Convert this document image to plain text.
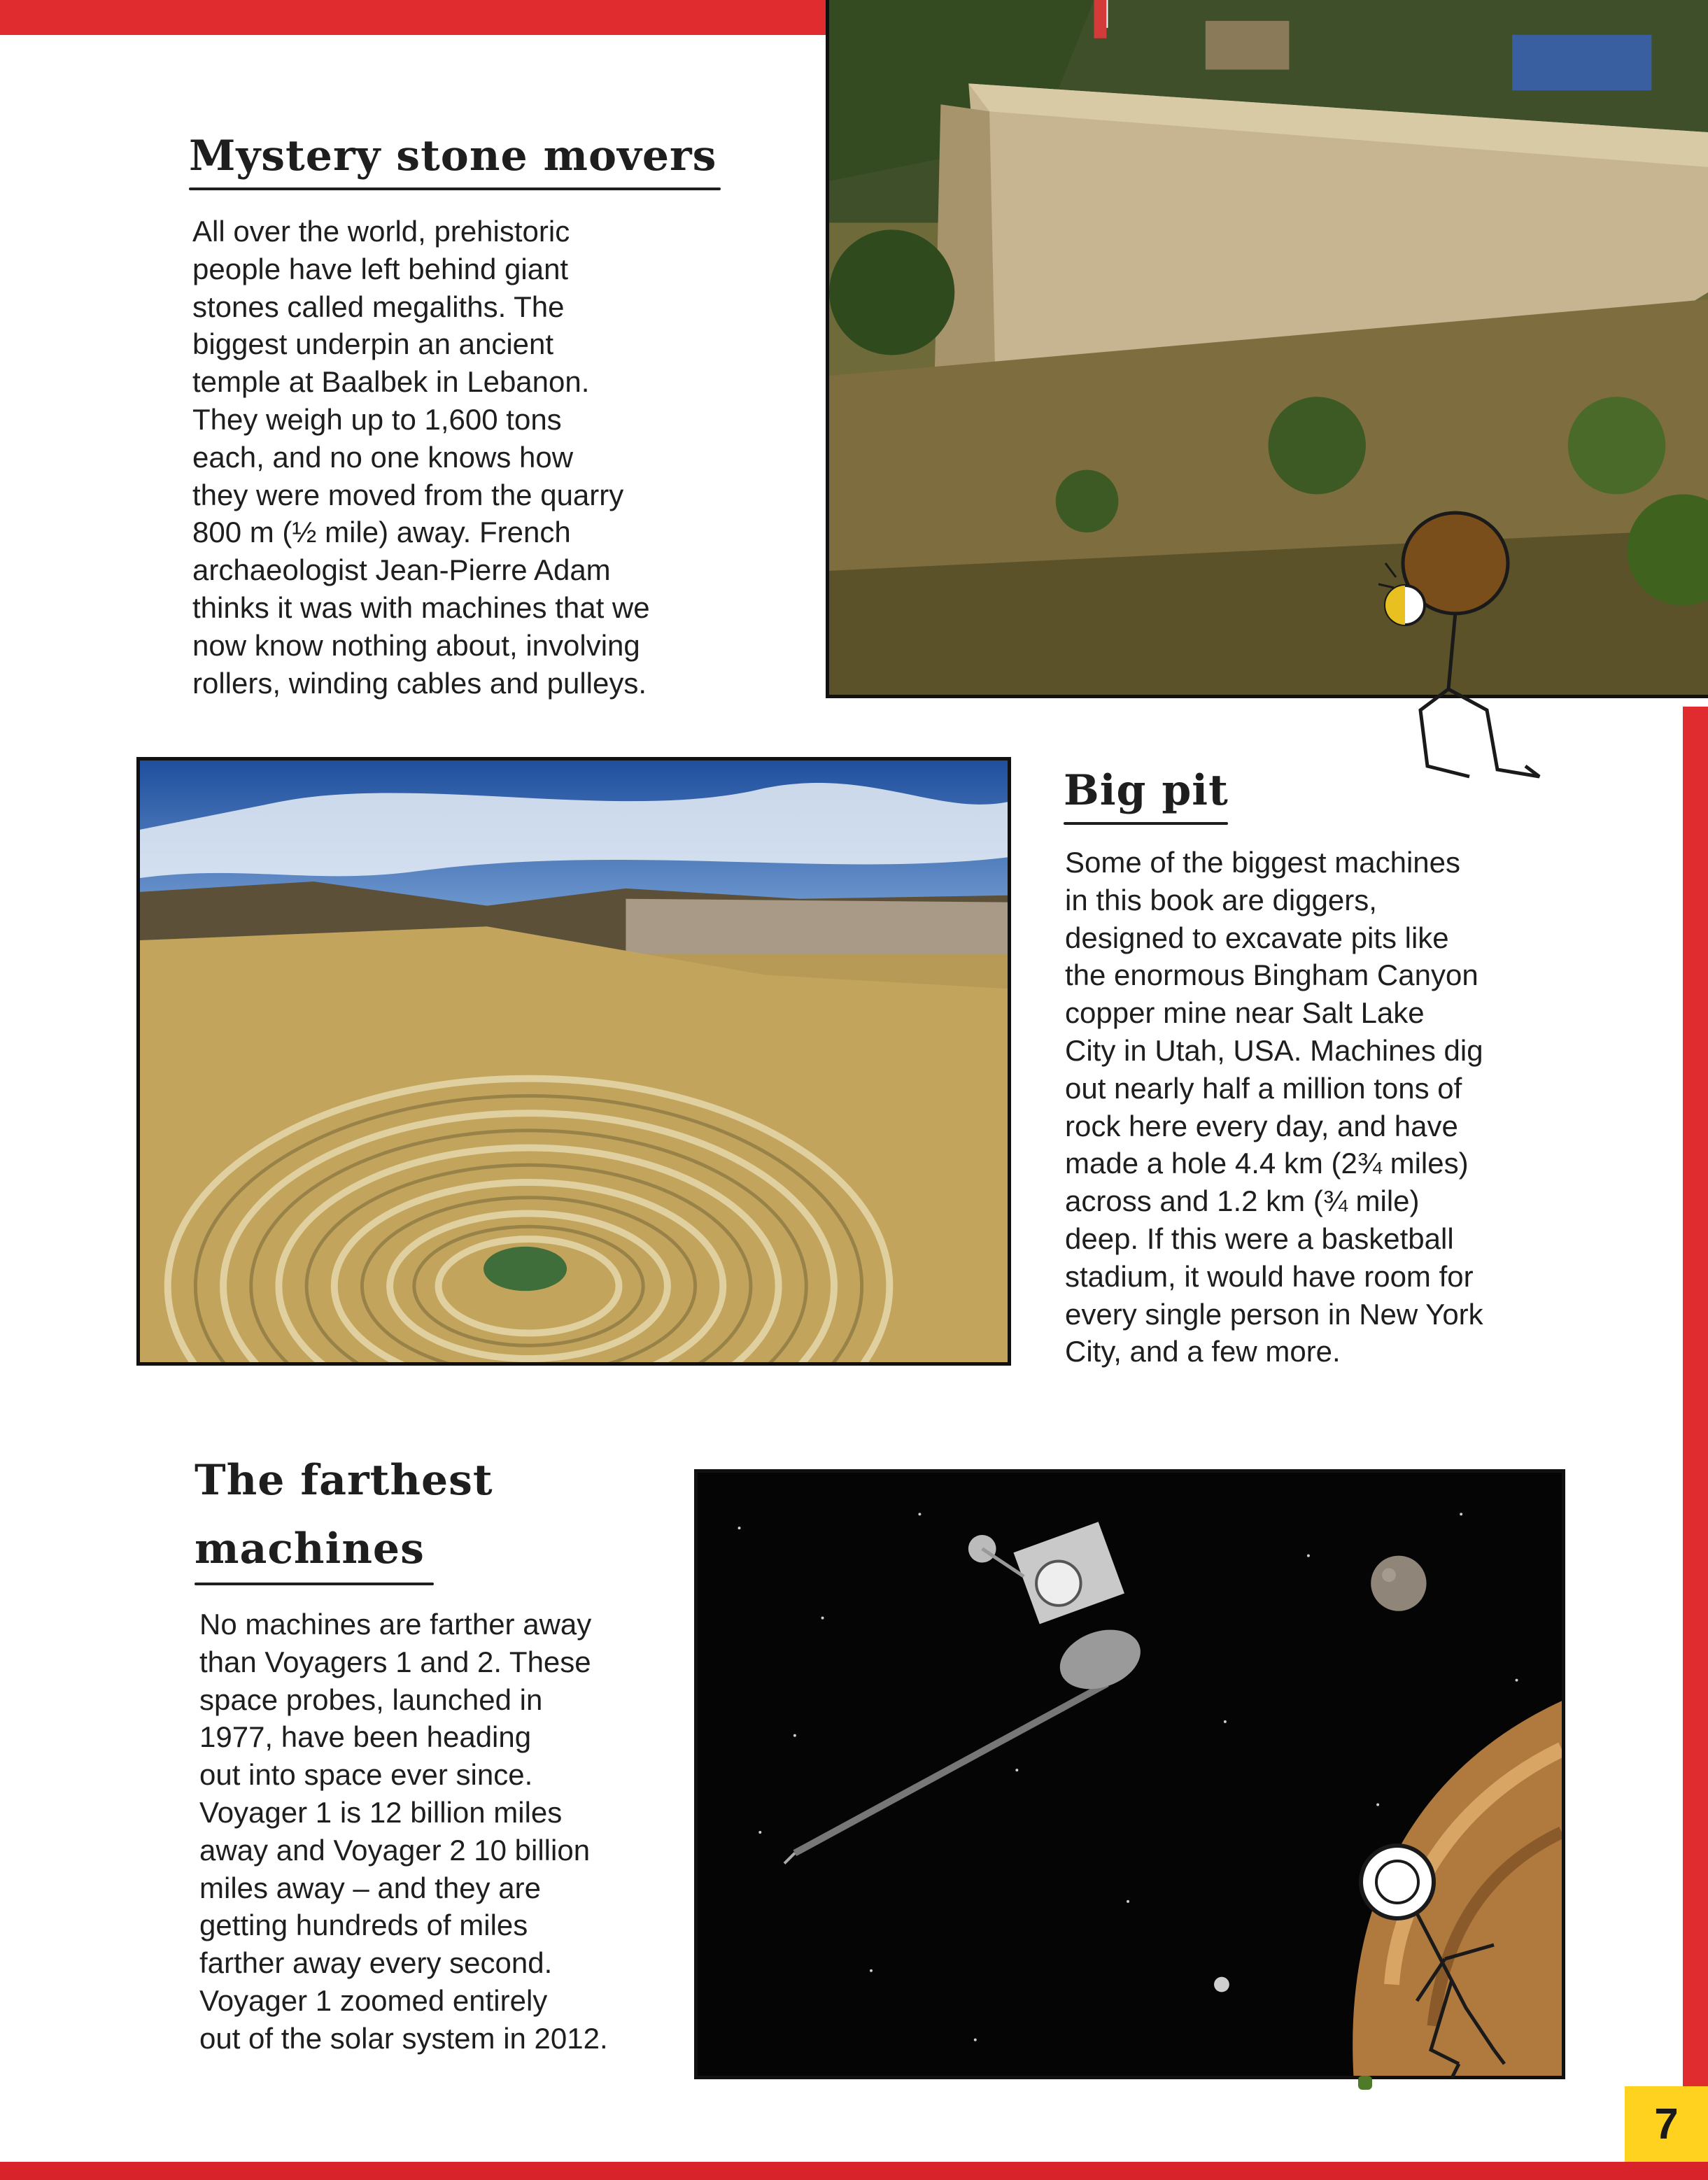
Mystery stone movers
All over the world, prehistoric
people have left behind giant
stones called megaliths. The
biggest underpin an ancient
temple at Baalbek in Lebanon.
They weigh up to 1,600 tons
each, and no one knows how
they were moved from the quarry
800 m (½ mile) away. French
archaeologist Jean-Pierre Adam
thinks it was with machines that we
now know nothing about, involving
rollers, winding cables and pulleys.
Big pit
Some of the biggest machines
in this book are diggers,
designed to excavate pits like
the enormous Bingham Canyon
copper mine near Salt Lake
City in Utah, USA. Machines dig
out nearly half a million tons of
rock here every day, and have
made a hole 4.4 km (2¾ miles)
across and 1.2 km (¾ mile)
deep. If this were a basketball
stadium, it would have room for
every single person in New York
City, and a few more.
The farthest
machines
No machines are farther away
than Voyagers 1 and 2. These
space probes, launched in
1977, have been heading
out into space ever since.
Voyager 1 is 12 billion miles
away and Voyager 2 10 billion
miles away – and they are
getting hundreds of miles
farther away every second.
Voyager 1 zoomed entirely
out of the solar system in 2012.
7
